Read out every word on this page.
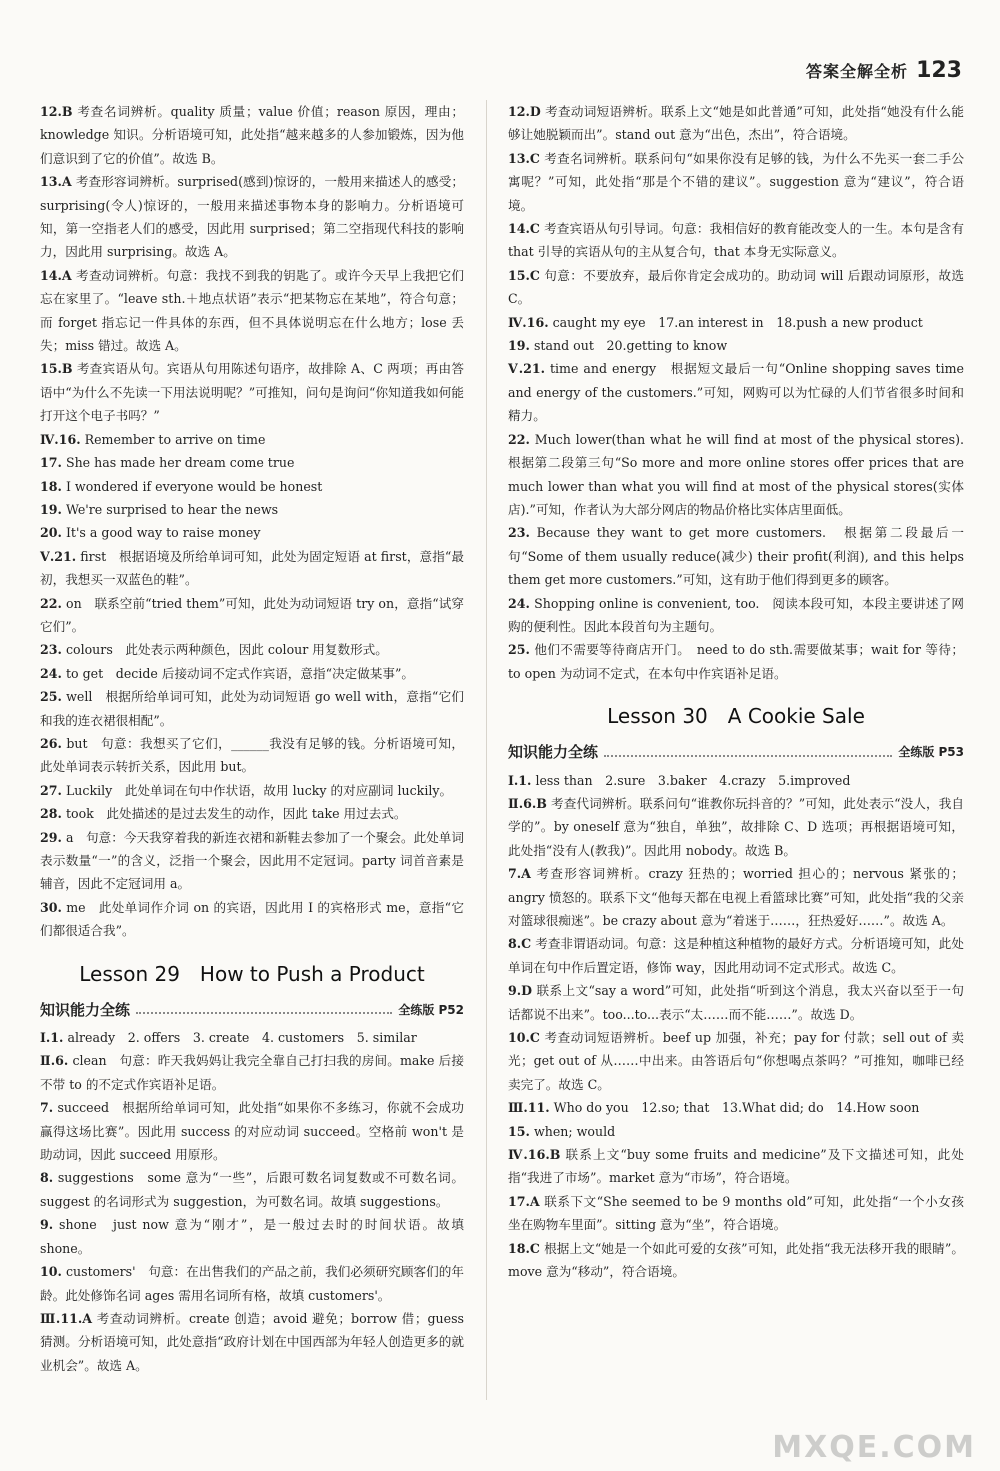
答案全解全析 123

12.B 考查名词辨析。quality 质量；value 价值；reason 原因，理由；knowledge 知识。分析语境可知，此处指“越来越多的人参加锻炼，因为他们意识到了它的价值”。故选 B。

13.A 考查形容词辨析。surprised(感到)惊讶的，一般用来描述人的感受；surprising(令人)惊讶的，一般用来描述事物本身的影响力。分析语境可知，第一空指老人们的感受，因此用 surprised；第二空指现代科技的影响力，因此用 surprising。故选 A。

14.A 考查动词辨析。句意：我找不到我的钥匙了。或许今天早上我把它们忘在家里了。“leave sth.＋地点状语”表示“把某物忘在某地”，符合句意；而 forget 指忘记一件具体的东西，但不具体说明忘在什么地方；lose 丢失；miss 错过。故选 A。

15.B 考查宾语从句。宾语从句用陈述句语序，故排除 A、C 两项；再由答语中“为什么不先读一下用法说明呢？”可推知，问句是询问“你知道我如何能打开这个电子书吗？”

Ⅳ.16. Remember to arrive on time

17. She has made her dream come true

18. I wondered if everyone would be honest

19. We're surprised to hear the news

20. It's a good way to raise money

Ⅴ.21. first　根据语境及所给单词可知，此处为固定短语 at first，意指“最初，我想买一双蓝色的鞋”。

22. on　联系空前“tried them”可知，此处为动词短语 try on，意指“试穿它们”。

23. colours　此处表示两种颜色，因此 colour 用复数形式。

24. to get　decide 后接动词不定式作宾语，意指“决定做某事”。

25. well　根据所给单词可知，此处为动词短语 go well with，意指“它们和我的连衣裙很相配”。

26. but　句意：我想买了它们，______我没有足够的钱。分析语境可知，此处单词表示转折关系，因此用 but。

27. Luckily　此处单词在句中作状语，故用 lucky 的对应副词 luckily。

28. took　此处描述的是过去发生的动作，因此 take 用过去式。

29. a　句意：今天我穿着我的新连衣裙和新鞋去参加了一个聚会。此处单词表示数量“一”的含义，泛指一个聚会，因此用不定冠词。party 词首音素是辅音，因此不定冠词用 a。

30. me　此处单词作介词 on 的宾语，因此用 I 的宾格形式 me，意指“它们都很适合我”。

Lesson 29　How to Push a Product
知识能力全练	全练版 P52

Ⅰ.1. already　2. offers　3. create　4. customers　5. similar

Ⅱ.6. clean　句意：昨天我妈妈让我完全靠自己打扫我的房间。make 后接不带 to 的不定式作宾语补足语。

7. succeed　根据所给单词可知，此处指“如果你不多练习，你就不会成功赢得这场比赛”。因此用 success 的对应动词 succeed。空格前 won't 是助动词，因此 succeed 用原形。

8. suggestions　some 意为“一些”，后跟可数名词复数或不可数名词。suggest 的名词形式为 suggestion，为可数名词。故填 suggestions。

9. shone　just now 意为“刚才”，是一般过去时的时间状语。故填 shone。

10. customers'　句意：在出售我们的产品之前，我们必须研究顾客们的年龄。此处修饰名词 ages 需用名词所有格，故填 customers'。

Ⅲ.11.A 考查动词辨析。create 创造；avoid 避免；borrow 借；guess 猜测。分析语境可知，此处意指“政府计划在中国西部为年轻人创造更多的就业机会”。故选 A。

12.D 考查动词短语辨析。联系上文“她是如此普通”可知，此处指“她没有什么能够让她脱颖而出”。stand out 意为“出色，杰出”，符合语境。

13.C 考查名词辨析。联系问句“如果你没有足够的钱，为什么不先买一套二手公寓呢？”可知，此处指“那是个不错的建议”。suggestion 意为“建议”，符合语境。

14.C 考查宾语从句引导词。句意：我相信好的教育能改变人的一生。本句是含有 that 引导的宾语从句的主从复合句，that 本身无实际意义。

15.C 句意：不要放弃，最后你肯定会成功的。助动词 will 后跟动词原形，故选 C。

Ⅳ.16. caught my eye　17.an interest in　18.push a new product

19. stand out　20.getting to know

Ⅴ.21. time and energy　根据短文最后一句“Online shopping saves time and energy of the customers.”可知，网购可以为忙碌的人们节省很多时间和精力。

22. Much lower(than what he will find at most of the physical stores).　根据第二段第三句“So more and more online stores offer prices that are much lower than what you will find at most of the physical stores(实体店).”可知，作者认为大部分网店的物品价格比实体店里面低。

23. Because they want to get more customers.　根据第二段最后一句“Some of them usually reduce(减少) their profit(利润), and this helps them get more customers.”可知，这有助于他们得到更多的顾客。

24. Shopping online is convenient, too.　阅读本段可知，本段主要讲述了网购的便利性。因此本段首句为主题句。

25. 他们不需要等待商店开门。　need to do sth.需要做某事；wait for 等待；to open 为动词不定式，在本句中作宾语补足语。

Lesson 30　A Cookie Sale
知识能力全练	全练版 P53

Ⅰ.1. less than　2.sure　3.baker　4.crazy　5.improved

Ⅱ.6.B 考查代词辨析。联系问句“谁教你玩抖音的？”可知，此处表示“没人，我自学的”。by oneself 意为“独自，单独”，故排除 C、D 选项；再根据语境可知，此处指“没有人(教我)”。因此用 nobody。故选 B。

7.A 考查形容词辨析。crazy 狂热的；worried 担心的；nervous 紧张的；angry 愤怒的。联系下文“他每天都在电视上看篮球比赛”可知，此处指“我的父亲对篮球很痴迷”。be crazy about 意为“着迷于……，狂热爱好……”。故选 A。

8.C 考查非谓语动词。句意：这是种植这种植物的最好方式。分析语境可知，此处单词在句中作后置定语，修饰 way，因此用动词不定式形式。故选 C。

9.D 联系上文“say a word”可知，此处指“听到这个消息，我太兴奋以至于一句话都说不出来”。too...to...表示“太……而不能……”。故选 D。

10.C 考查动词短语辨析。beef up 加强，补充；pay for 付款；sell out of 卖光；get out of 从……中出来。由答语后句“你想喝点茶吗？”可推知，咖啡已经卖完了。故选 C。

Ⅲ.11. Who do you　12.so; that　13.What did; do　14.How soon

15. when; would

Ⅳ.16.B 联系上文“buy some fruits and medicine”及下文描述可知，此处指“我进了市场”。market 意为“市场”，符合语境。

17.A 联系下文“She seemed to be 9 months old”可知，此处指“一个小女孩坐在购物车里面”。sitting 意为“坐”，符合语境。

18.C 根据上文“她是一个如此可爱的女孩”可知，此处指“我无法移开我的眼睛”。move 意为“移动”，符合语境。

MXQE.COM
